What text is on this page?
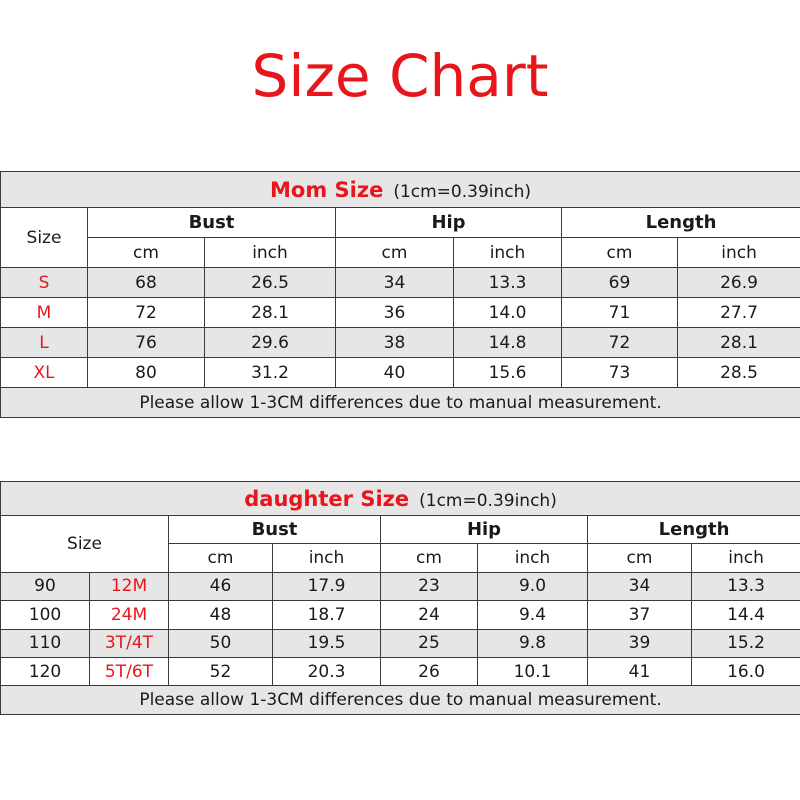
Size Chart
Mom Size (1cm=0.39inch)						
Size	Bust		Hip		Length	
	cm	inch	cm	inch	cm	inch
S	68	26.5	34	13.3	69	26.9
M	72	28.1	36	14.0	71	27.7
L	76	29.6	38	14.8	72	28.1
XL	80	31.2	40	15.6	73	28.5
Please allow 1-3CM differences due to manual measurement.						
daughter Size (1cm=0.39inch)							
Size		Bust		Hip		Length	
		cm	inch	cm	inch	cm	inch
90	12M	46	17.9	23	9.0	34	13.3
100	24M	48	18.7	24	9.4	37	14.4
110	3T/4T	50	19.5	25	9.8	39	15.2
120	5T/6T	52	20.3	26	10.1	41	16.0
Please allow 1-3CM differences due to manual measurement.							
